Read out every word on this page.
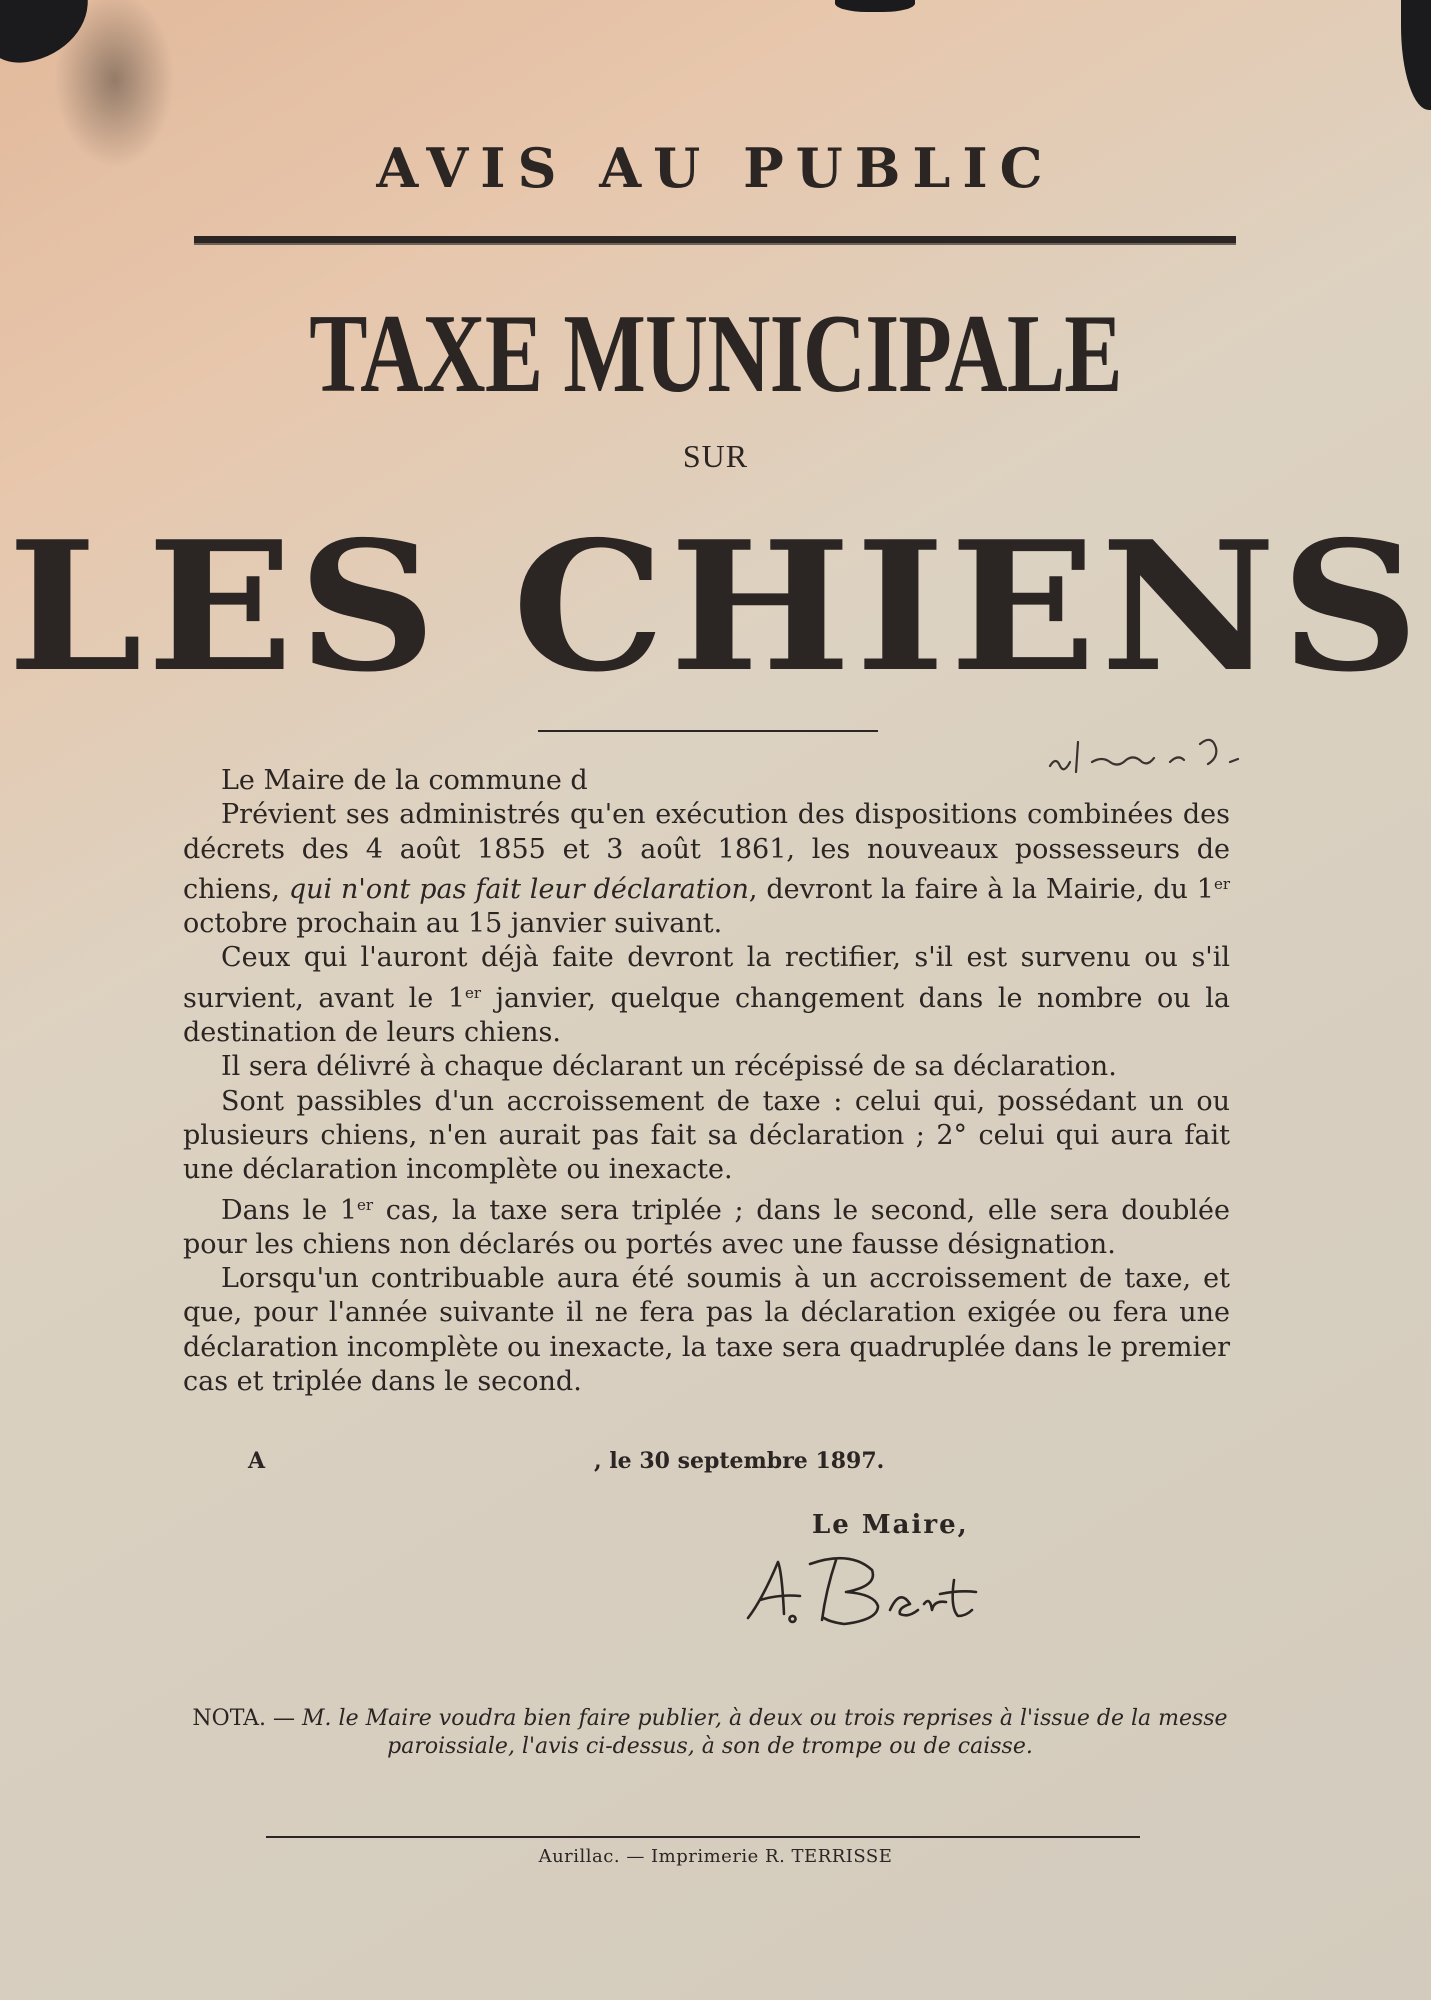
AVIS AU PUBLIC
TAXE MUNICIPALE
SUR
LES CHIENS

Le Maire de la commune d

Prévient ses administrés qu'en exécution des dispositions combinées des décrets des 4 août 1855 et 3 août 1861, les nouveaux possesseurs de chiens, qui n'ont pas fait leur déclaration, devront la faire à la Mairie, du 1er octobre prochain au 15 janvier suivant.

Ceux qui l'auront déjà faite devront la rectifier, s'il est survenu ou s'il survient, avant le 1er janvier, quelque changement dans le nombre ou la destination de leurs chiens.

Il sera délivré à chaque déclarant un récépissé de sa déclaration.

Sont passibles d'un accroissement de taxe : celui qui, possédant un ou plusieurs chiens, n'en aurait pas fait sa déclaration ; 2° celui qui aura fait une déclaration incomplète ou inexacte.

Dans le 1er cas, la taxe sera triplée ; dans le second, elle sera doublée pour les chiens non déclarés ou portés avec une fausse désignation.

Lorsqu'un contribuable aura été soumis à un accroissement de taxe, et que, pour l'année suivante il ne fera pas la déclaration exigée ou fera une déclaration incomplète ou inexacte, la taxe sera quadruplée dans le premier cas et triplée dans le second.

A	, le 30 septembre 1897.
Le Maire,
NOTA. — M. le Maire voudra bien faire publier, à deux ou trois reprises à l'issue de la messe paroissiale, l'avis ci-dessus, à son de trompe ou de caisse.
Aurillac. — Imprimerie R. TERRISSE
